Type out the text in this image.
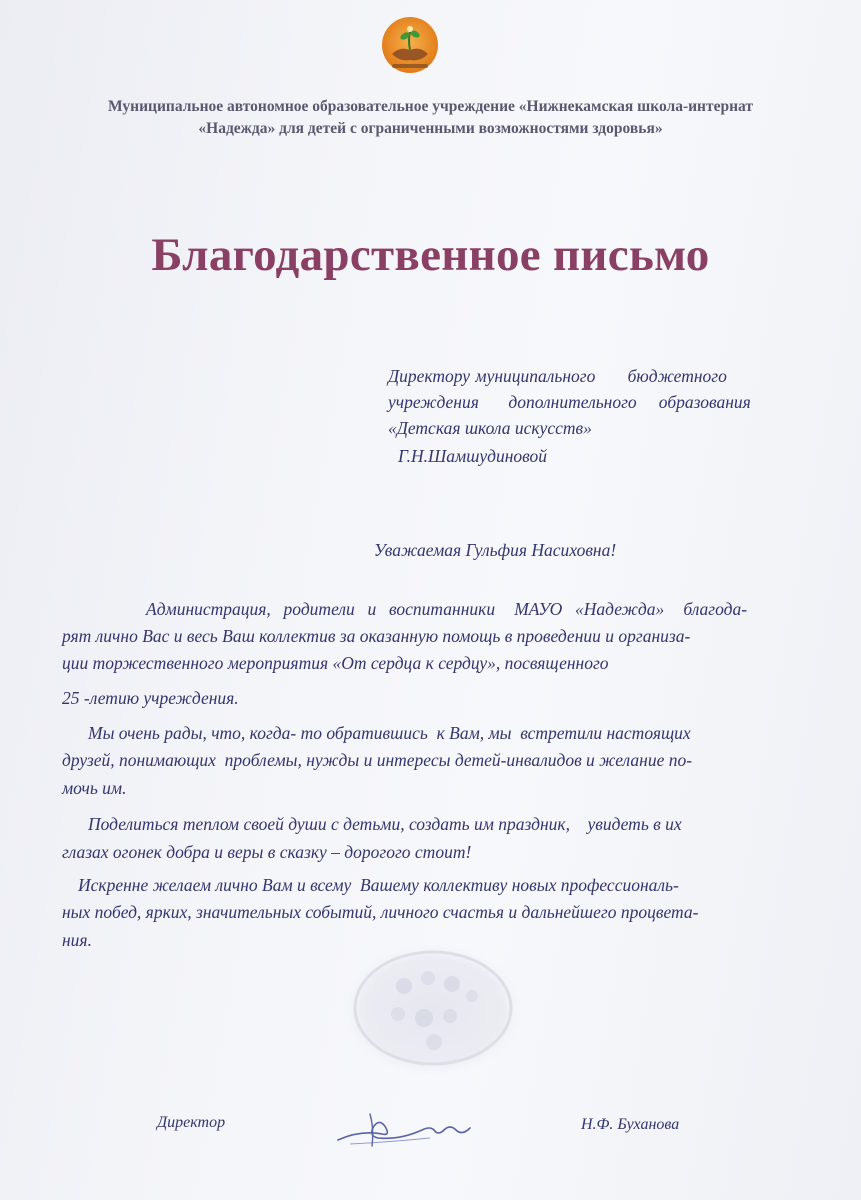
Муниципальное автономное образовательное учреждение «Нижнекамская школа-интернат
«Надежда» для детей с ограниченными возможностями здоровья»
Благодарственное письмо
Директору муниципального      бюджетного
учреждения    дополнительного   образования
«Детская школа искусств»
Г.Н.Шамшудиновой
Уважаемая Гульфия Насиховна!
Администрация,  родители  и  воспитанники   МАУО  «Надежда»   благода-
рят лично Вас и весь Ваш коллектив за оказанную помощь в проведении и организа-
ции торжественного мероприятия «От сердца к сердцу», посвященного
25 -летию учреждения.
Мы очень рады, что, когда- то обратившись  к Вам, мы  встретили настоящих
друзей, понимающих  проблемы, нужды и интересы детей-инвалидов и желание по-
мочь им.
Поделиться теплом своей души с детьми, создать им праздник,    увидеть в их
глазах огонек добра и веры в сказку – дорогого стоит!
Искренне желаем лично Вам и всему  Вашему коллективу новых профессиональ-
ных побед, ярких, значительных событий, личного счастья и дальнейшего процвета-
ния.
Директор	Н.Ф. Буханова
